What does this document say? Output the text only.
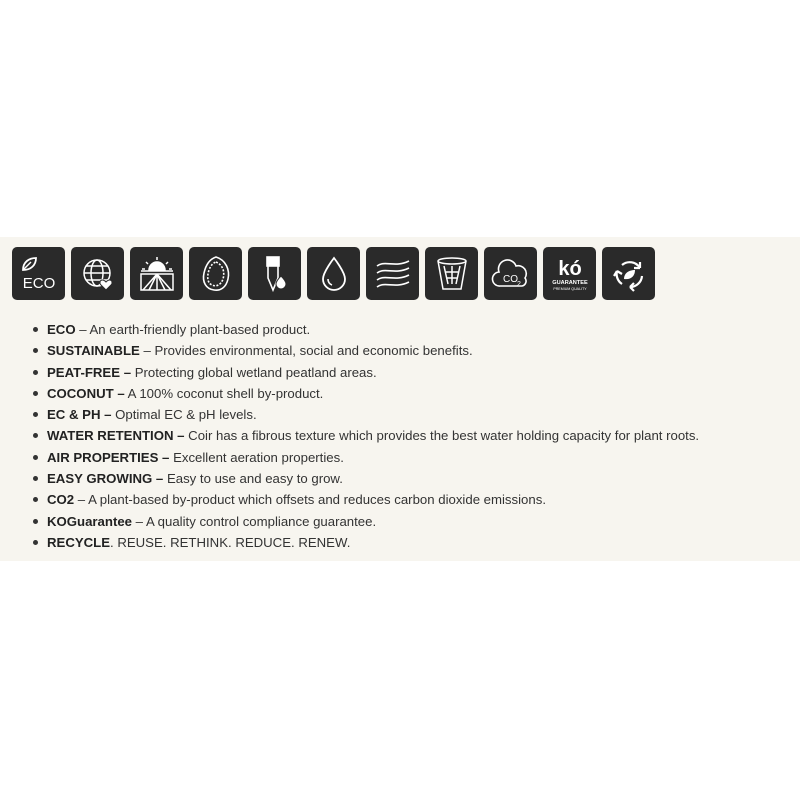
ECO	CO 2
kó
GUARANTEE
PREMIUM QUALITY
ECO – An earth-friendly plant-based product.
SUSTAINABLE – Provides environmental, social and economic benefits.
PEAT-FREE – Protecting global wetland peatland areas.
COCONUT – A 100% coconut shell by-product.
EC & PH – Optimal EC & pH levels.
WATER RETENTION – Coir has a fibrous texture which provides the best water holding capacity for plant roots.
AIR PROPERTIES – Excellent aeration properties.
EASY GROWING – Easy to use and easy to grow.
CO2 – A plant-based by-product which offsets and reduces carbon dioxide emissions.
KOGuarantee – A quality control compliance guarantee.
RECYCLE. REUSE. RETHINK. REDUCE. RENEW.
